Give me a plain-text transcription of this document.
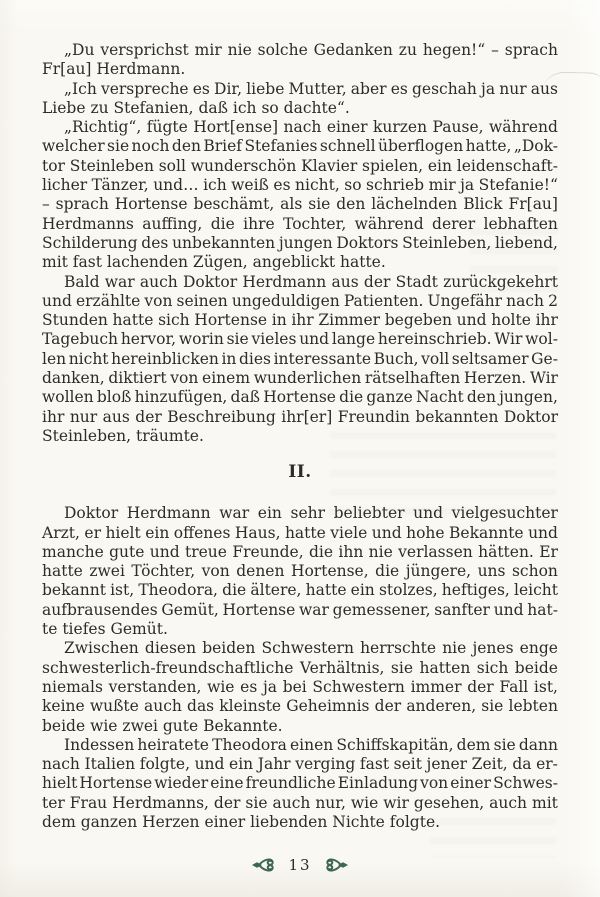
„Du versprichst mir nie solche Gedanken zu hegen!“ – sprach
Fr[au] Herdmann.
„Ich verspreche es Dir, liebe Mutter, aber es geschah ja nur aus
Liebe zu Stefanien, daß ich so dachte“.
„Richtig“, fügte Hort[ense] nach einer kurzen Pause, während
welcher sie noch den Brief Stefanies schnell überflogen hatte, „Dok-
tor Steinleben soll wunderschön Klavier spielen, ein leidenschaft-
licher Tänzer, und… ich weiß es nicht, so schrieb mir ja Stefanie!“
– sprach Hortense beschämt, als sie den lächelnden Blick Fr[au]
Herdmanns auffing, die ihre Tochter, während derer lebhaften
Schilderung des unbekannten jungen Doktors Steinleben, liebend,
mit fast lachenden Zügen, angeblickt hatte.
Bald war auch Doktor Herdmann aus der Stadt zurückgekehrt
und erzählte von seinen ungeduldigen Patienten. Ungefähr nach 2
Stunden hatte sich Hortense in ihr Zimmer begeben und holte ihr
Tagebuch hervor, worin sie vieles und lange hereinschrieb. Wir wol-
len nicht hereinblicken in dies interessante Buch, voll seltsamer Ge-
danken, diktiert von einem wunderlichen rätselhaften Herzen. Wir
wollen bloß hinzufügen, daß Hortense die ganze Nacht den jungen,
ihr nur aus der Beschreibung ihr[er] Freundin bekannten Doktor
Steinleben, träumte.
II.
Doktor Herdmann war ein sehr beliebter und vielgesuchter
Arzt, er hielt ein offenes Haus, hatte viele und hohe Bekannte und
manche gute und treue Freunde, die ihn nie verlassen hätten. Er
hatte zwei Töchter, von denen Hortense, die jüngere, uns schon
bekannt ist, Theodora, die ältere, hatte ein stolzes, heftiges, leicht
aufbrausendes Gemüt, Hortense war gemessener, sanfter und hat-
te tiefes Gemüt.
Zwischen diesen beiden Schwestern herrschte nie jenes enge
schwesterlich-freundschaftliche Verhältnis, sie hatten sich beide
niemals verstanden, wie es ja bei Schwestern immer der Fall ist,
keine wußte auch das kleinste Geheimnis der anderen, sie lebten
beide wie zwei gute Bekannte.
Indessen heiratete Theodora einen Schiffskapitän, dem sie dann
nach Italien folgte, und ein Jahr verging fast seit jener Zeit, da er-
hielt Hortense wieder eine freundliche Einladung von einer Schwes-
ter Frau Herdmanns, der sie auch nur, wie wir gesehen, auch mit
dem ganzen Herzen einer liebenden Nichte folgte.
13
